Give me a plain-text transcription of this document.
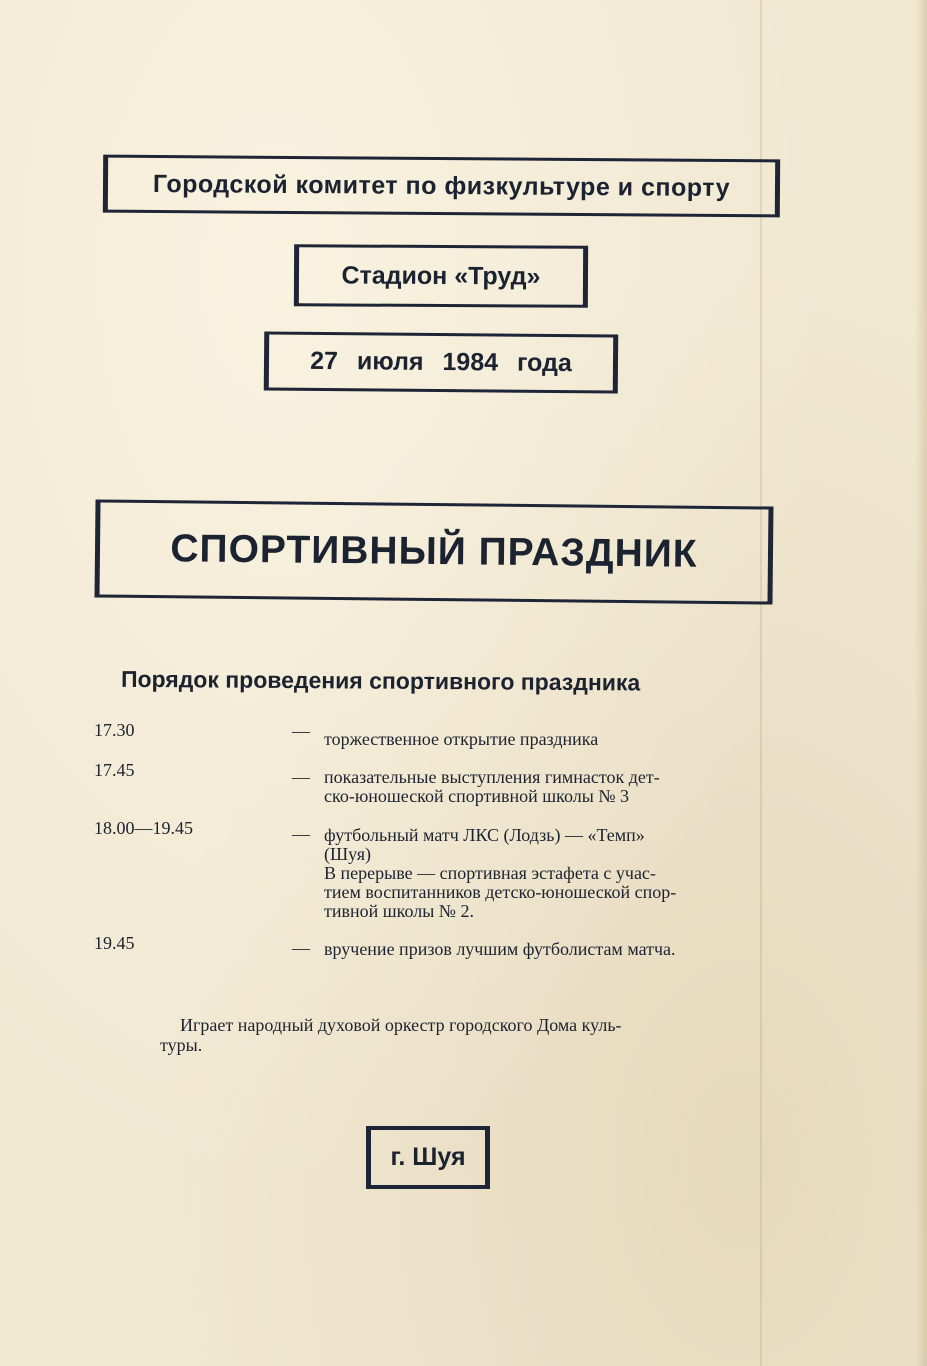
Городской комитет по физкультуре и спорту
Стадион «Труд»
27 июля 1984 года
СПОРТИВНЫЙ ПРАЗДНИК
Порядок проведения спортивного праздника
17.30	— торжественное открытие праздника
17.45	— показательные выступления гимнасток дет-
ско-юношеской спортивной школы № 3
18.00—19.45	— футбольный матч ЛКС (Лодзь) — «Темп»
(Шуя)
В перерыве — спортивная эстафета с учас-
тием воспитанников детско-юношеской спор-
тивной школы № 2.
19.45	— вручение призов лучшим футболистам матча.
Играет народный духовой оркестр городского Дома куль-
туры.
г. Шуя
